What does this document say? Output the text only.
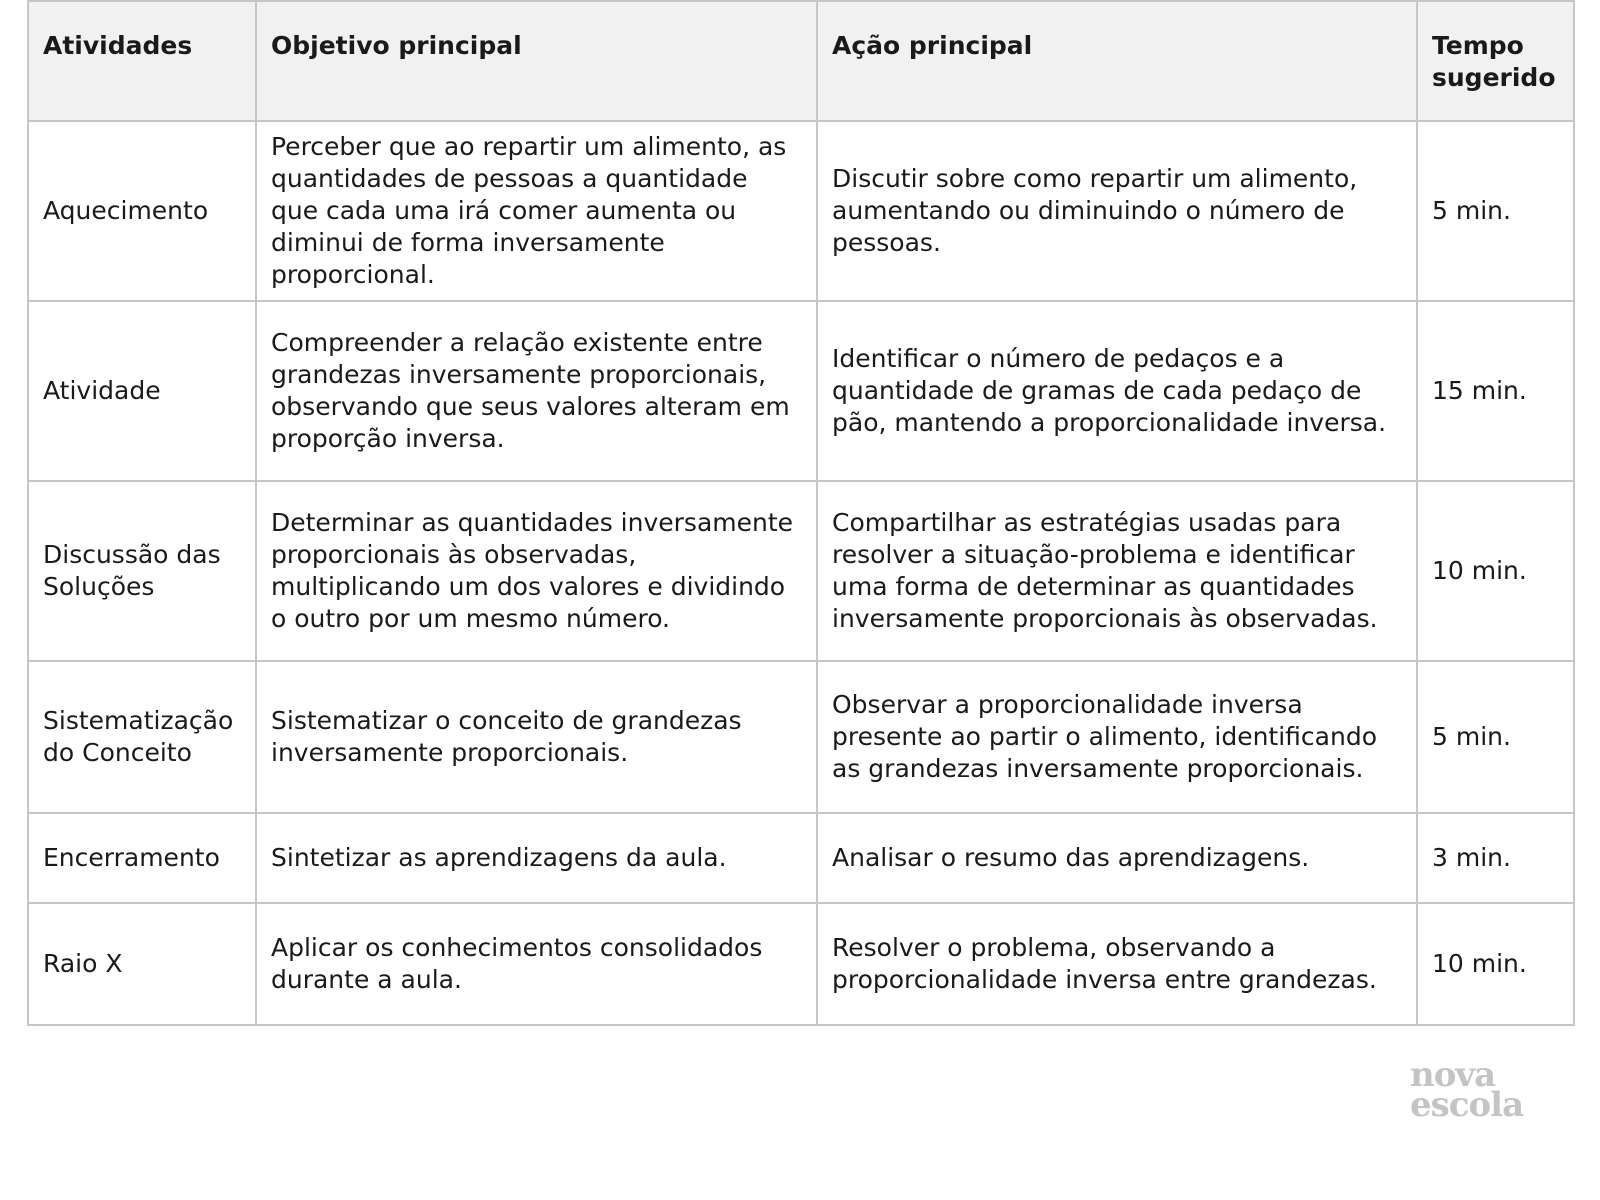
Atividades	Objetivo principal	Ação principal	Tempo sugerido
Aquecimento	Perceber que ao repartir um alimento, as quantidades de pessoas a quantidade que cada uma irá comer aumenta ou diminui de forma inversamente proporcional.	Discutir sobre como repartir um alimento, aumentando ou diminuindo o número de pessoas.	5 min.
Atividade	Compreender a relação existente entre grandezas inversamente proporcionais, observando que seus valores alteram em proporção inversa.	Identificar o número de pedaços e a quantidade de gramas de cada pedaço de pão, mantendo a proporcionalidade inversa.	15 min.
Discussão das Soluções	Determinar as quantidades inversamente proporcionais às observadas, multiplicando um dos valores e dividindo o outro por um mesmo número.	Compartilhar as estratégias usadas para resolver a situação-problema e identificar uma forma de determinar as quantidades inversamente proporcionais às observadas.	10 min.
Sistematização do Conceito	Sistematizar o conceito de grandezas inversamente proporcionais.	Observar a proporcionalidade inversa presente ao partir o alimento, identificando as grandezas inversamente proporcionais.	5 min.
Encerramento	Sintetizar as aprendizagens da aula.	Analisar o resumo das aprendizagens.	3 min.
Raio X	Aplicar os conhecimentos consolidados durante a aula.	Resolver o problema, observando a proporcionalidade inversa entre grandezas.	10 min.
nova
escola
